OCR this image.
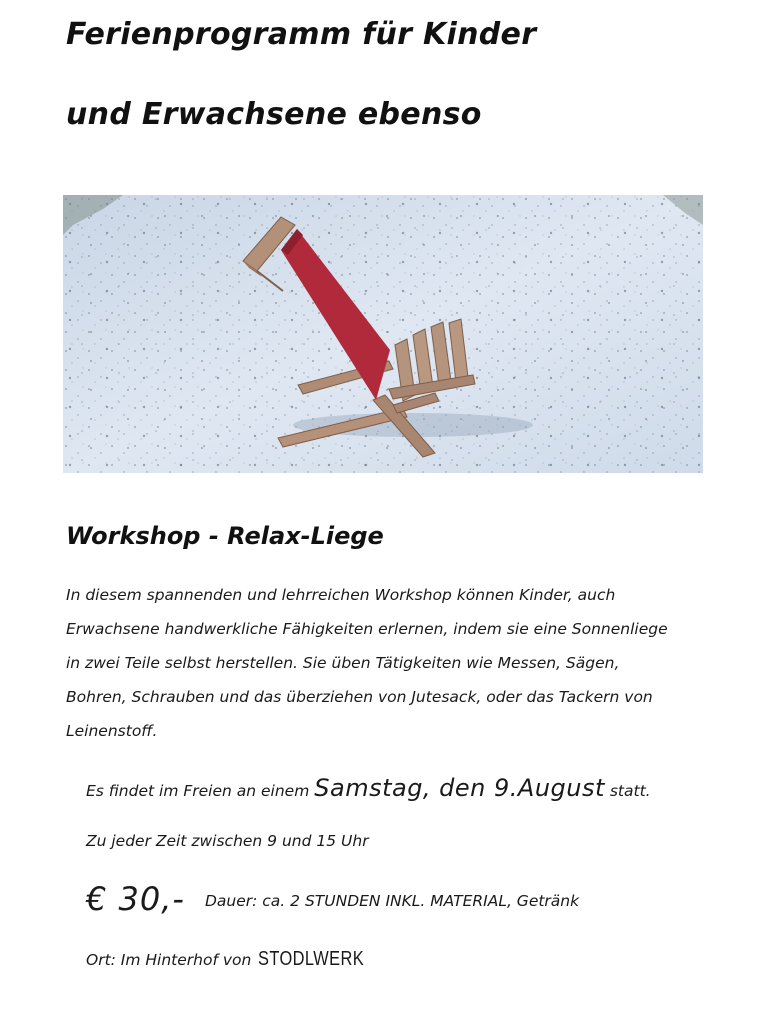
Ferienprogramm für Kinder
und Erwachsene ebenso
Workshop - Relax-Liege
In diesem spannenden und lehrreichen Workshop können Kinder, auch
Erwachsene handwerkliche Fähigkeiten erlernen, indem sie eine Sonnenliege
in zwei Teile selbst herstellen. Sie üben Tätigkeiten wie Messen, Sägen,
Bohren, Schrauben und das überziehen von Jutesack, oder das Tackern von
Leinenstoff.
Es findet im Freien an einem Samstag, den 9.August statt.
Zu jeder Zeit zwischen 9 und 15 Uhr
€ 30,- Dauer: ca. 2 STUNDEN INKL. MATERIAL, Getränk
Ort: Im Hinterhof von STODLWERK
